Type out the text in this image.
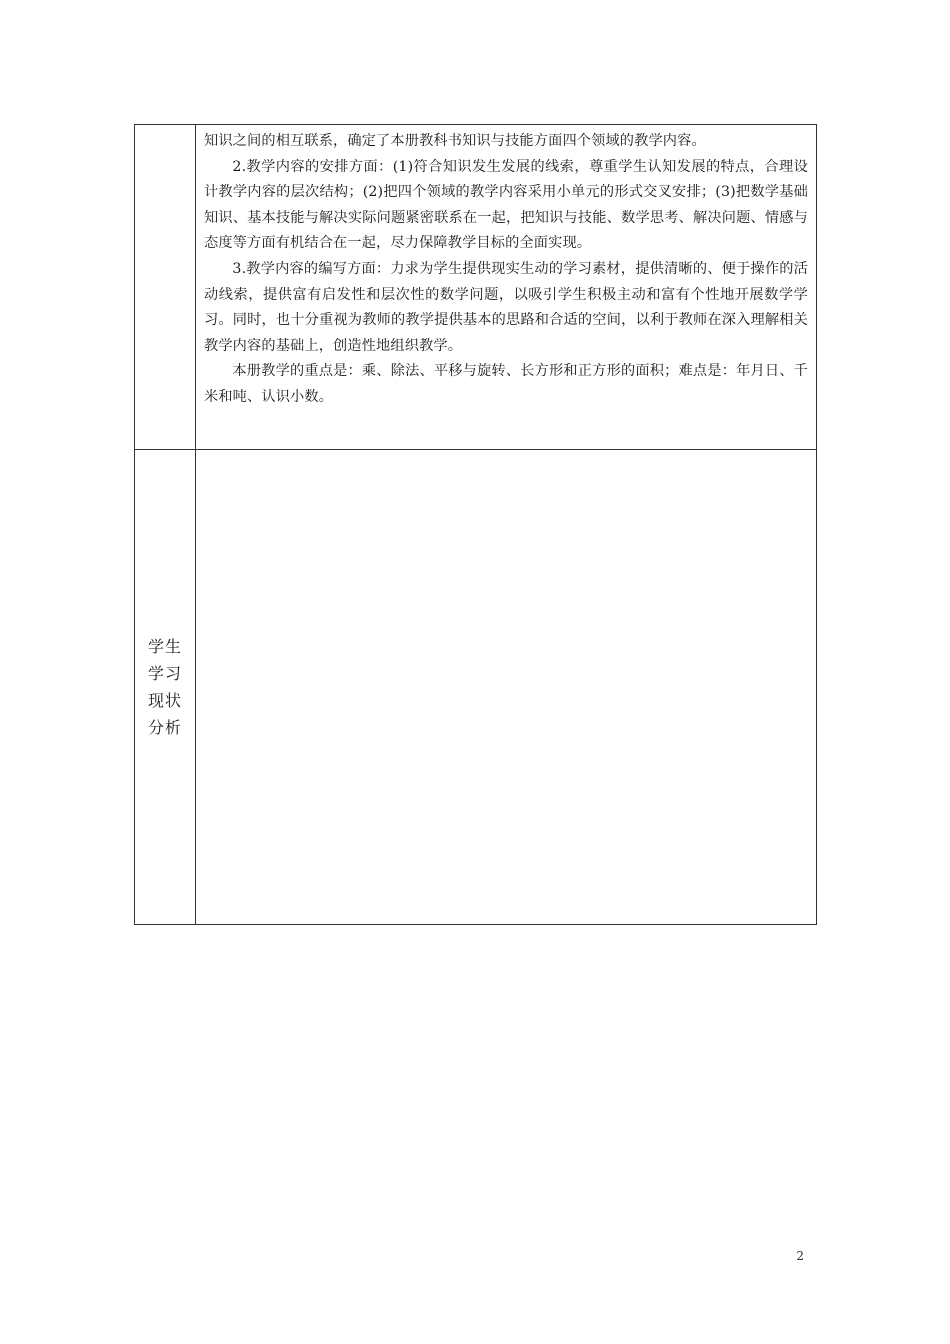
	知识之间的相互联系，确定了本册教科书知识与技能方面四个领域的教学内容。

2.教学内容的安排方面：(1)符合知识发生发展的线索，尊重学生认知发展的特点，合理设计教学内容的层次结构；(2)把四个领域的教学内容采用小单元的形式交叉安排；(3)把数学基础知识、基本技能与解决实际问题紧密联系在一起，把知识与技能、数学思考、解决问题、情感与态度等方面有机结合在一起，尽力保障教学目标的全面实现。

3.教学内容的编写方面：力求为学生提供现实生动的学习素材，提供清晰的、便于操作的活动线索，提供富有启发性和层次性的数学问题，以吸引学生积极主动和富有个性地开展数学学习。同时，也十分重视为教师的教学提供基本的思路和合适的空间，以利于教师在深入理解相关教学内容的基础上，创造性地组织教学。

本册教学的重点是：乘、除法、平移与旋转、长方形和正方形的面积；难点是：年月日、千米和吨、认识小数。

学生学习现状分析	

2
